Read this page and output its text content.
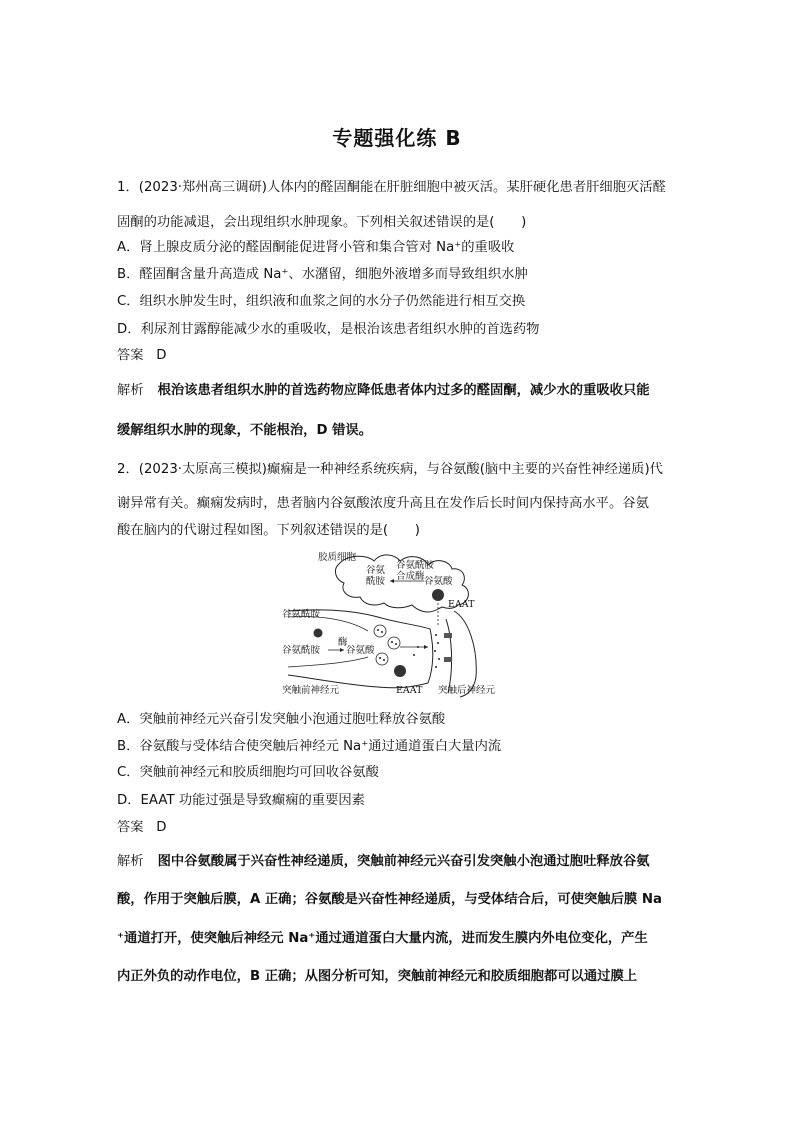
专题强化练 B
1．(2023·郑州高三调研)人体内的醛固酮能在肝脏细胞中被灭活。某肝硬化患者肝细胞灭活醛
固酮的功能减退，会出现组织水肿现象。下列相关叙述错误的是(　　)
A．肾上腺皮质分泌的醛固酮能促进肾小管和集合管对 Na⁺的重吸收
B．醛固酮含量升高造成 Na⁺、水潴留，细胞外液增多而导致组织水肿
C．组织水肿发生时，组织液和血浆之间的水分子仍然能进行相互交换
D．利尿剂甘露醇能减少水的重吸收，是根治该患者组织水肿的首选药物
答案 D
解析 根治该患者组织水肿的首选药物应降低患者体内过多的醛固酮，减少水的重吸收只能
缓解组织水肿的现象，不能根治，D 错误。
2．(2023·太原高三模拟)癫痫是一种神经系统疾病，与谷氨酸(脑中主要的兴奋性神经递质)代
谢异常有关。癫痫发病时，患者脑内谷氨酸浓度升高且在发作后长时间内保持高水平。谷氨
酸在脑内的代谢过程如图。下列叙述错误的是(　　)
胶质细胞
谷氨酰胺
合成酶
谷氨
酰胺	谷氨酸
EAAT
谷氨酰胺
谷氨酰胺
酶
谷氨酸
突触前神经元	EAAT 突触后神经元
A．突触前神经元兴奋引发突触小泡通过胞吐释放谷氨酸
B．谷氨酸与受体结合使突触后神经元 Na⁺通过通道蛋白大量内流
C．突触前神经元和胶质细胞均可回收谷氨酸
D．EAAT 功能过强是导致癫痫的重要因素
答案 D
解析 图中谷氨酸属于兴奋性神经递质，突触前神经元兴奋引发突触小泡通过胞吐释放谷氨
酸，作用于突触后膜，A 正确；谷氨酸是兴奋性神经递质，与受体结合后，可使突触后膜 Na
⁺通道打开，使突触后神经元 Na⁺通过通道蛋白大量内流，进而发生膜内外电位变化，产生
内正外负的动作电位，B 正确；从图分析可知，突触前神经元和胶质细胞都可以通过膜上
